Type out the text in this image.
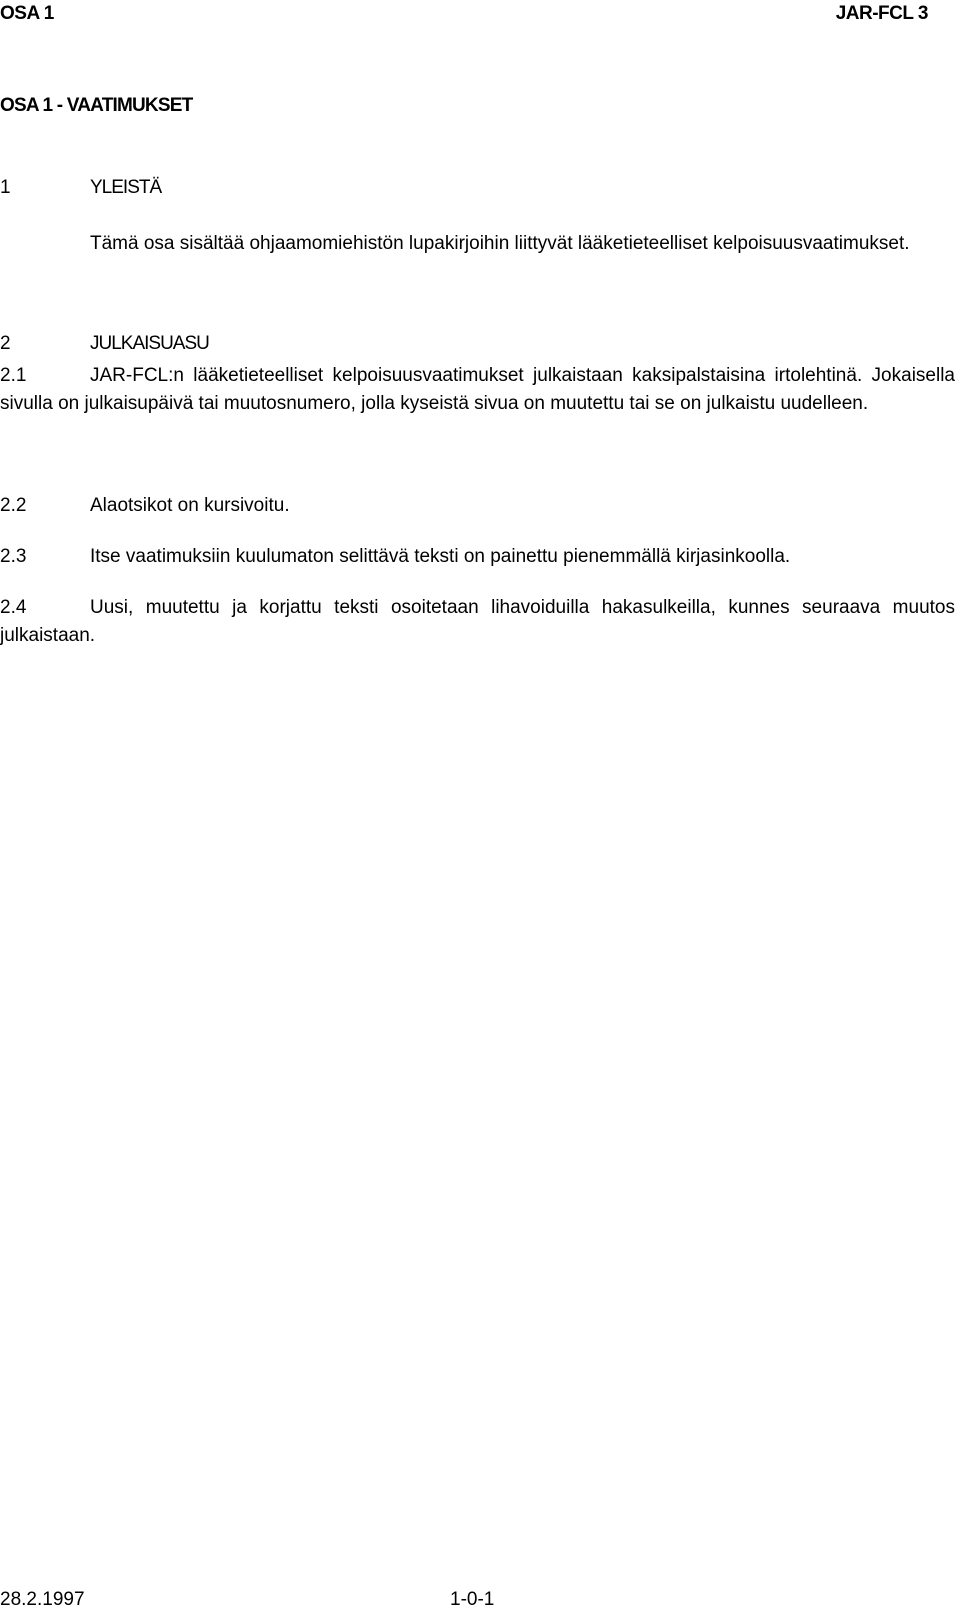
OSA 1	JAR-FCL 3
OSA 1 - VAATIMUKSET
1	YLEISTÄ
Tämä osa sisältää ohjaamomiehistön lupakirjoihin liittyvät lääketieteelliset kelpoisuusvaatimukset.
2	JULKAISUASU
2.1	JAR-FCL:n lääketieteelliset kelpoisuusvaatimukset julkaistaan kaksipalstaisina irtolehtinä. Jokaisella sivulla on julkaisupäivä tai muutosnumero, jolla kyseistä sivua on muutettu tai se on julkaistu uudelleen.
2.2	Alaotsikot on kursivoitu.
2.3	Itse vaatimuksiin kuulumaton selittävä teksti on painettu pienemmällä kirjasinkoolla.
2.4	Uusi, muutettu ja korjattu teksti osoitetaan lihavoiduilla hakasulkeilla, kunnes seuraava muutos julkaistaan.
28.2.1997	1-0-1
